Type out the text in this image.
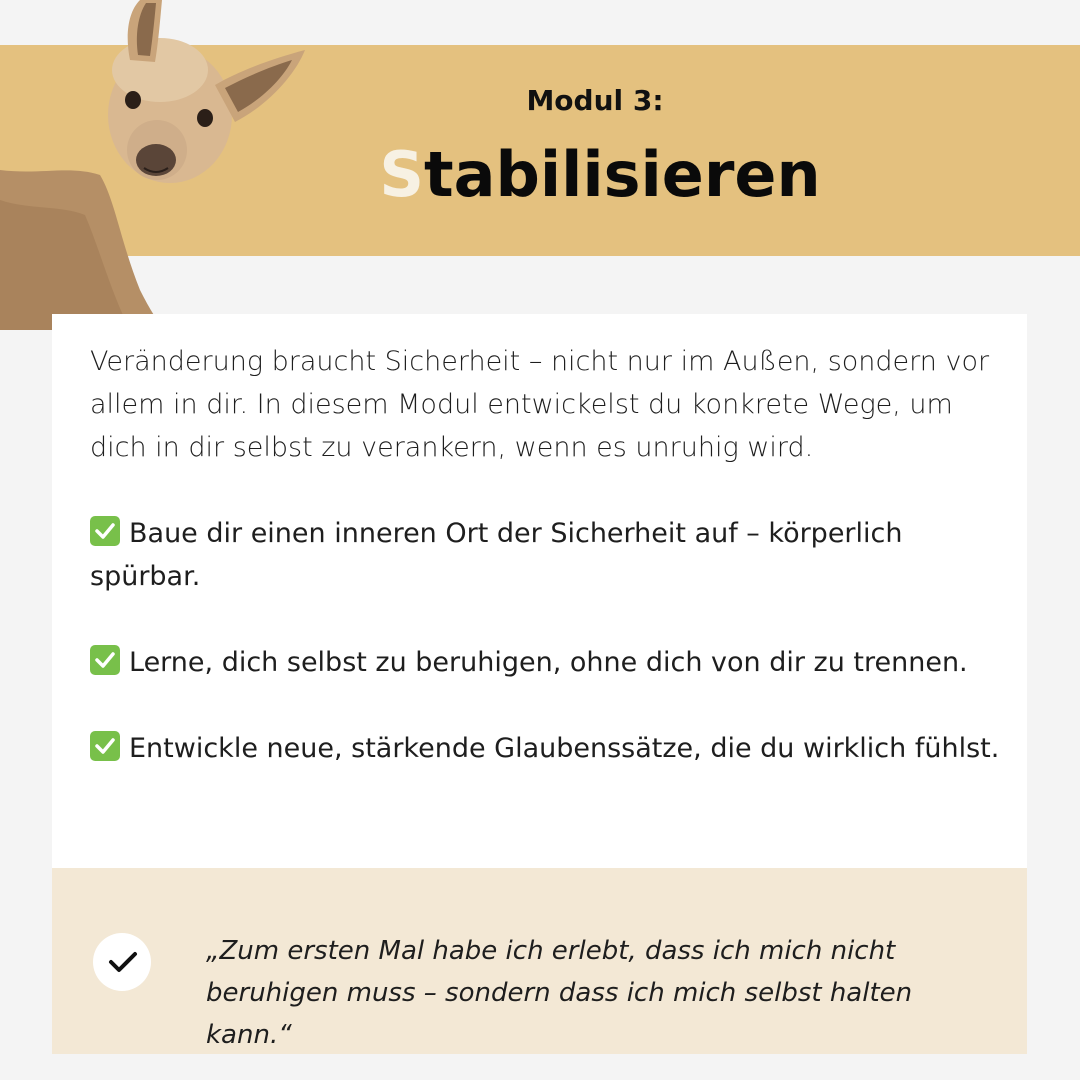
Modul 3:
Stabilisieren

Veränderung braucht Sicherheit – nicht nur im Außen, sondern vor allem in dir. In diesem Modul entwickelst du konkrete Wege, um dich in dir selbst zu verankern, wenn es unruhig wird.

Baue dir einen inneren Ort der Sicherheit auf – körperlich spürbar.
Lerne, dich selbst zu beruhigen, ohne dich von dir zu trennen.
Entwickle neue, stärkende Glaubenssätze, die du wirklich fühlst.

„Zum ersten Mal habe ich erlebt, dass ich mich nicht beruhigen muss – sondern dass ich mich selbst halten kann.“
